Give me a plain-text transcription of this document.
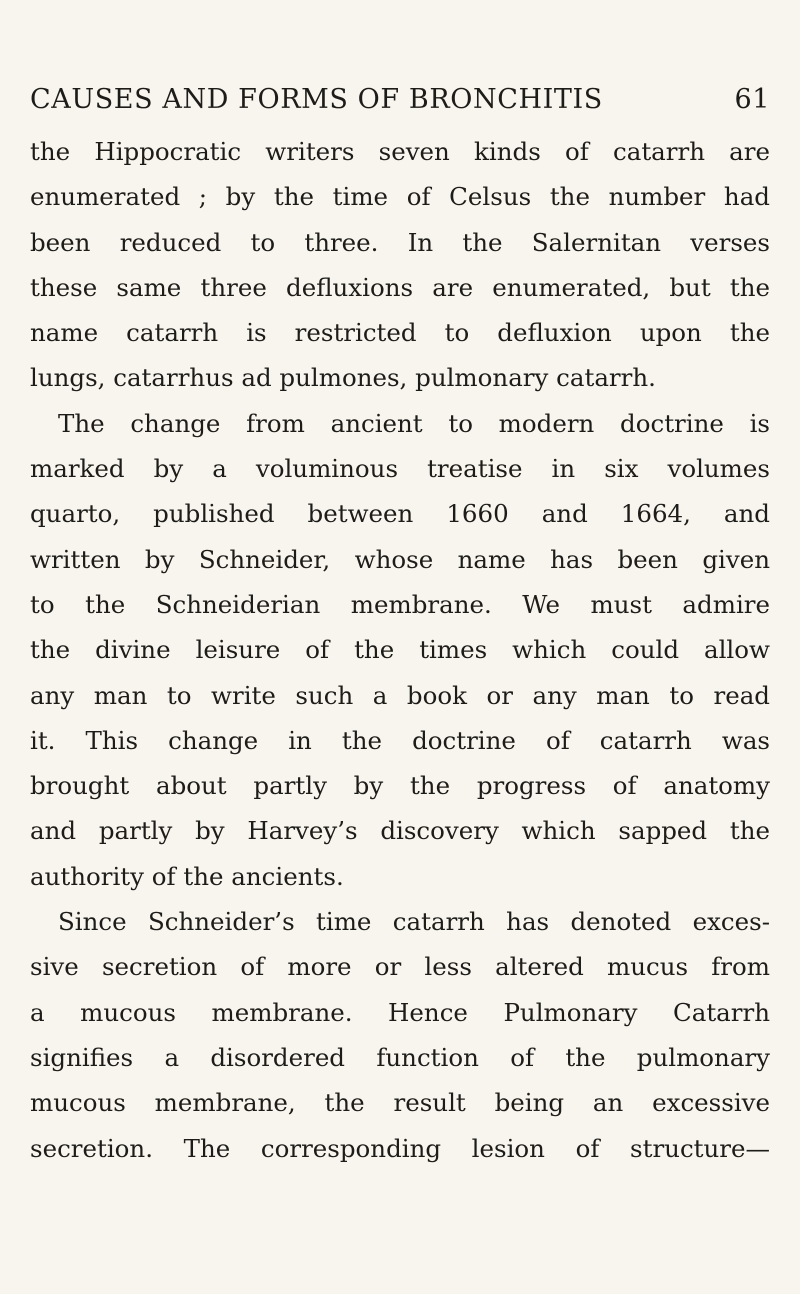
CAUSES AND FORMS OF BRONCHITIS	61
the Hippocratic writers seven kinds of catarrh are
enumerated ; by the time of Celsus the number had
been reduced to three. In the Salernitan verses
these same three defluxions are enumerated, but the
name catarrh is restricted to defluxion upon the
lungs, catarrhus ad pulmones, pulmonary catarrh.
The change from ancient to modern doctrine is
marked by a voluminous treatise in six volumes
quarto, published between 1660 and 1664, and
written by Schneider, whose name has been given
to the Schneiderian membrane. We must admire
the divine leisure of the times which could allow
any man to write such a book or any man to read
it. This change in the doctrine of catarrh was
brought about partly by the progress of anatomy
and partly by Harvey’s discovery which sapped the
authority of the ancients.
Since Schneider’s time catarrh has denoted exces-
sive secretion of more or less altered mucus from
a mucous membrane. Hence Pulmonary Catarrh
signifies a disordered function of the pulmonary
mucous membrane, the result being an excessive
secretion. The corresponding lesion of structure—
